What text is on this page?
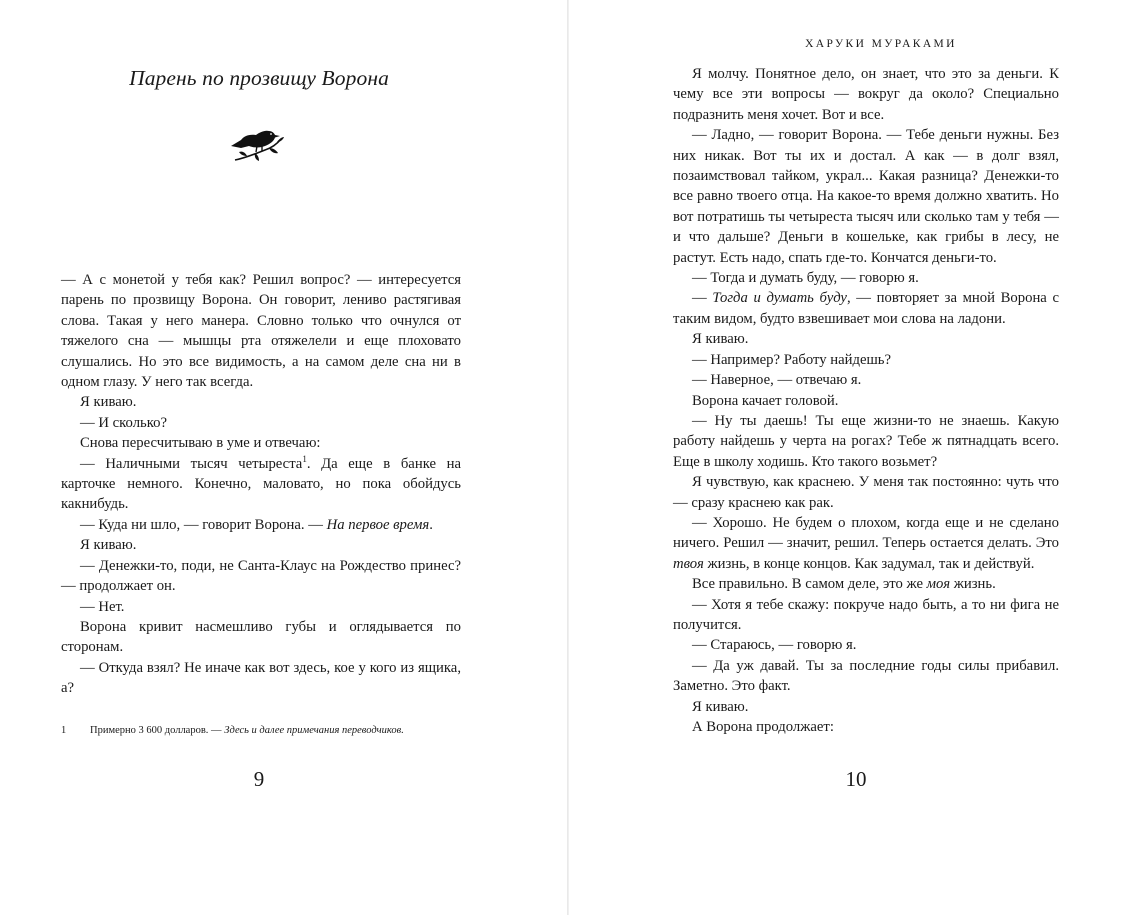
Парень по прозвищу Ворона

— А с монетой у тебя как? Решил вопрос? — интересуется парень по прозвищу Ворона. Он говорит, лениво растягивая слова. Такая у него манера. Словно только что очнулся от тяжелого сна — мышцы рта отяжелели и еще плоховато слушались. Но это все видимость, а на самом деле сна ни в одном глазу. У него так всегда.

Я киваю.

— И сколько?

Снова пересчитываю в уме и отвечаю:

— Наличными тысяч четыреста$^1$. Да еще в банке на карточке немного. Конечно, маловато, но пока обойдусь какнибудь.

— Куда ни шло, — говорит Ворона. — На первое время.

Я киваю.

— Денежки-то, поди, не Санта-Клаус на Рождество принес? — продолжает он.

— Нет.

Ворона кривит насмешливо губы и оглядывается по сторонам.

— Откуда взял? Не иначе как вот здесь, кое у кого из ящика, а?

1 Примерно 3 600 долларов. — Здесь и далее примечания переводчиков.
9
ХАРУКИ МУРАКАМИ

Я молчу. Понятное дело, он знает, что это за деньги. К чему все эти вопросы — вокруг да около? Специально подразнить меня хочет. Вот и все.

— Ладно, — говорит Ворона. — Тебе деньги нужны. Без них никак. Вот ты их и достал. А как — в долг взял, позаимствовал тайком, украл... Какая разница? Денежки-то все равно твоего отца. На какое-то время должно хватить. Но вот потратишь ты четыреста тысяч или сколько там у тебя — и что дальше? Деньги в кошельке, как грибы в лесу, не растут. Есть надо, спать где-то. Кончатся деньги-то.

— Тогда и думать буду, — говорю я.

— Тогда и думать буду, — повторяет за мной Ворона с таким видом, будто взвешивает мои слова на ладони.

Я киваю.

— Например? Работу найдешь?

— Наверное, — отвечаю я.

Ворона качает головой.

— Ну ты даешь! Ты еще жизни-то не знаешь. Какую работу найдешь у черта на рогах? Тебе ж пятнадцать всего. Еще в школу ходишь. Кто такого возьмет?

Я чувствую, как краснею. У меня так постоянно: чуть что — сразу краснею как рак.

— Хорошо. Не будем о плохом, когда еще и не сделано ничего. Решил — значит, решил. Теперь остается делать. Это твоя жизнь, в конце концов. Как задумал, так и действуй.

Все правильно. В самом деле, это же моя жизнь.

— Хотя я тебе скажу: покруче надо быть, а то ни фига не получится.

— Стараюсь, — говорю я.

— Да уж давай. Ты за последние годы силы прибавил. Заметно. Это факт.

Я киваю.

А Ворона продолжает:

10
